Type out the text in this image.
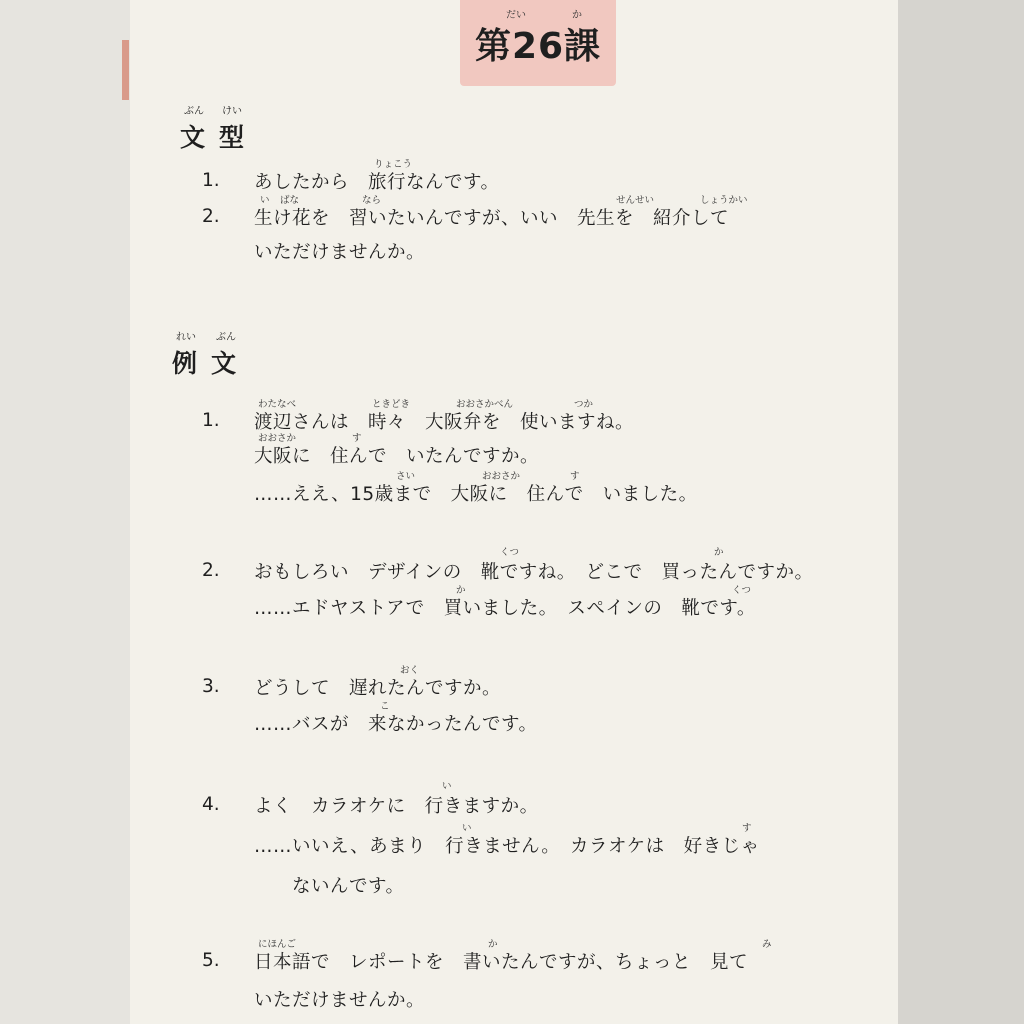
だい	か
第26課
ぶん けい
文型
1.
りょこう
あしたから　旅行なんです。
2.
い ばな	なら	せんせい	しょうかい
生け花を　習いたいんですが、いい　先生を　紹介して
いただけませんか。
れい ぶん
例文
1.
わたなべ	ときどき	おおさかべん	つか
渡辺さんは　時々　大阪弁を　使いますね。
おおさか	す
大阪に　住んで　いたんですか。
さい	おおさか	す
……ええ、15歳まで　大阪に　住んで　いました。
2.
くつ	か
おもしろい　デザインの　靴ですね。　どこで　買ったんですか。
か	くつ
……エドヤストアで　買いました。　スペインの　靴です。
3.
おく
どうして　遅れたんですか。
こ
……バスが　来なかったんです。
4.
い
よく　カラオケに　行きますか。
い	す
……いいえ、あまり　行きません。　カラオケは　好きじゃ
ないんです。
5.
にほんご	か	み
日本語で　レポートを　書いたんですが、ちょっと　見て
いただけませんか。
